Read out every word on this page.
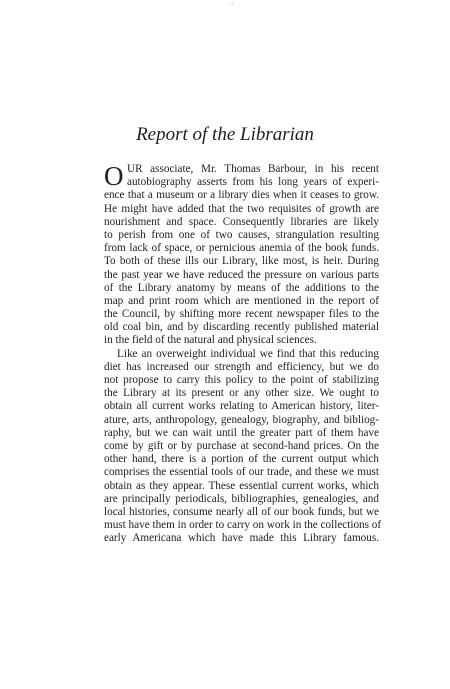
··
Report of the Librarian
O UR associate, Mr. Thomas Barbour, in his recent
autobiography asserts from his long years of experi-
ence that a museum or a library dies when it ceases to grow.
He might have added that the two requisites of growth are
nourishment and space. Consequently libraries are likely
to perish from one of two causes, strangulation resulting
from lack of space, or pernicious anemia of the book funds.
To both of these ills our Library, like most, is heir. During
the past year we have reduced the pressure on various parts
of the Library anatomy by means of the additions to the
map and print room which are mentioned in the report of
the Council, by shifting more recent newspaper files to the
old coal bin, and by discarding recently published material
in the field of the natural and physical sciences.
Like an overweight individual we find that this reducing
diet has increased our strength and efficiency, but we do
not propose to carry this policy to the point of stabilizing
the Library at its present or any other size. We ought to
obtain all current works relating to American history, liter-
ature, arts, anthropology, genealogy, biography, and bibliog-
raphy, but we can wait until the greater part of them have
come by gift or by purchase at second-hand prices. On the
other hand, there is a portion of the current output which
comprises the essential tools of our trade, and these we must
obtain as they appear. These essential current works, which
are principally periodicals, bibliographies, genealogies, and
local histories, consume nearly all of our book funds, but we
must have them in order to carry on work in the collections of
early Americana which have made this Library famous.
